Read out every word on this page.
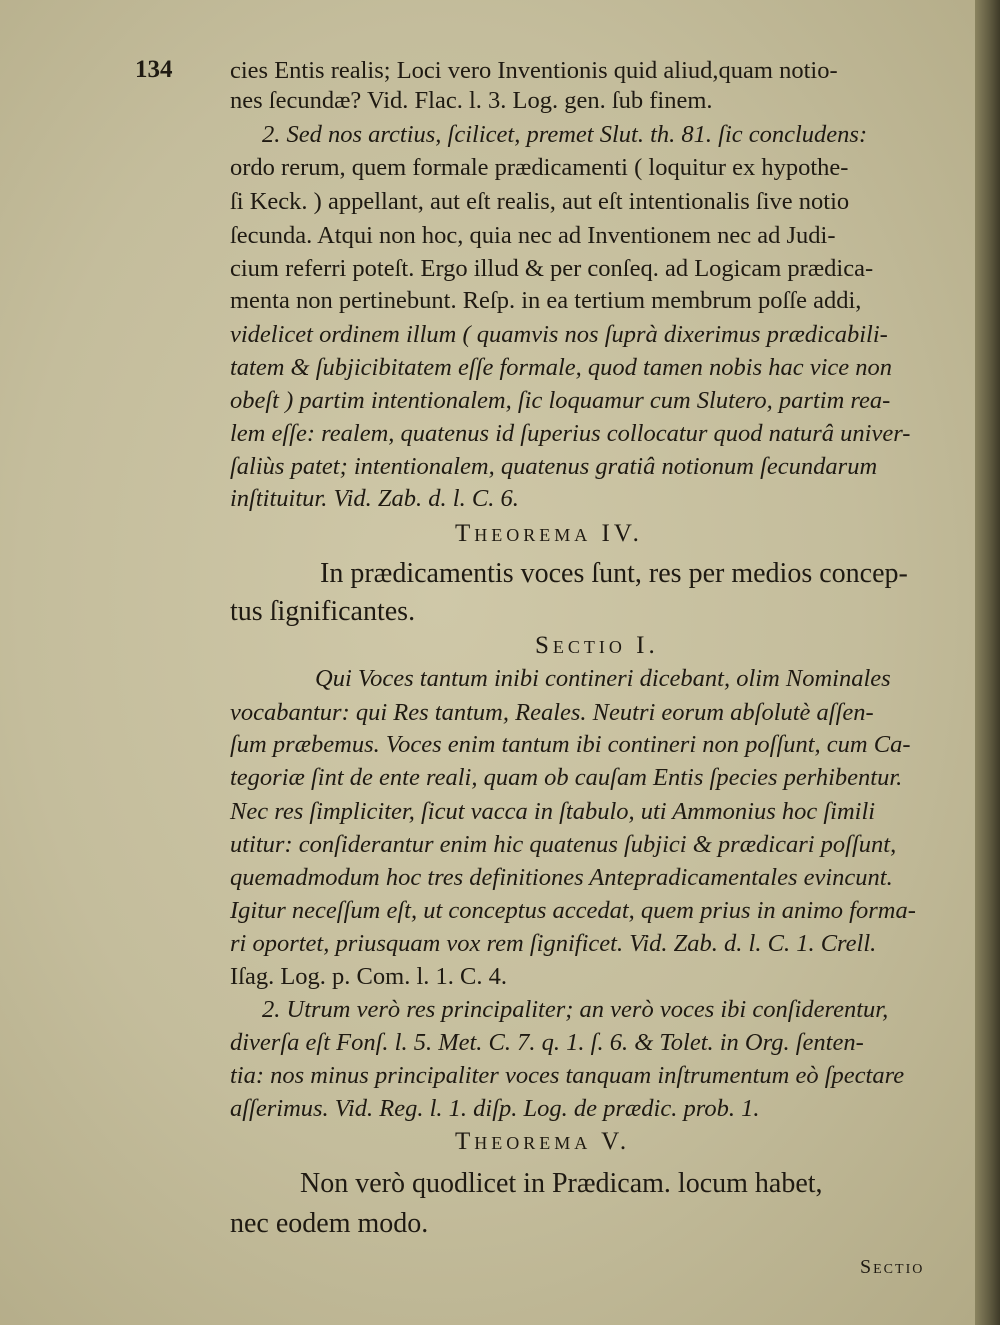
134 cies Entis realis; Loci vero Inventionis quid aliud,quam notio-
nes ſecundæ? Vid. Flac. l. 3. Log. gen. ſub finem.
2. Sed nos arctius, ſcilicet, premet Slut. th. 81. ſic concludens:
ordo rerum, quem formale prædicamenti ( loquitur ex hypothe-
ſi Keck. ) appellant, aut eſt realis, aut eſt intentionalis ſive notio
ſecunda. Atqui non hoc, quia nec ad Inventionem nec ad Judi-
cium referri poteſt. Ergo illud & per conſeq. ad Logicam prædica-
menta non pertinebunt. Reſp. in ea tertium membrum poſſe addi,
videlicet ordinem illum ( quamvis nos ſuprà dixerimus prædicabili-
tatem & ſubjicibitatem eſſe formale, quod tamen nobis hac vice non
obeſt ) partim intentionalem, ſic loquamur cum Slutero, partim rea-
lem eſſe: realem, quatenus id ſuperius collocatur quod naturâ univer-
ſaliùs patet; intentionalem, quatenus gratiâ notionum ſecundarum
inſtituitur. Vid. Zab. d. l. C. 6.
Theorema IV.
In prædicamentis voces ſunt, res per medios concep-
tus ſignificantes.
Sectio I.
Qui Voces tantum inibi contineri dicebant, olim Nominales
vocabantur: qui Res tantum, Reales. Neutri eorum abſolutè aſſen-
ſum præbemus. Voces enim tantum ibi contineri non poſſunt, cum Ca-
tegoriæ ſint de ente reali, quam ob cauſam Entis ſpecies perhibentur.
Nec res ſimpliciter, ſicut vacca in ſtabulo, uti Ammonius hoc ſimili
utitur: conſiderantur enim hic quatenus ſubjici & prædicari poſſunt,
quemadmodum hoc tres definitiones Antepradicamentales evincunt.
Igitur neceſſum eſt, ut conceptus accedat, quem prius in animo forma-
ri oportet, priusquam vox rem ſignificet. Vid. Zab. d. l. C. 1. Crell.
Iſag. Log. p. Com. l. 1. C. 4.
2. Utrum verò res principaliter; an verò voces ibi conſiderentur,
diverſa eſt Fonſ. l. 5. Met. C. 7. q. 1. ſ. 6. & Tolet. in Org. ſenten-
tia: nos minus principaliter voces tanquam inſtrumentum eò ſpectare
aſſerimus. Vid. Reg. l. 1. diſp. Log. de prædic. prob. 1.
Theorema V.
Non verò quodlicet in Prædicam. locum habet,
nec eodem modo.
Sectio
